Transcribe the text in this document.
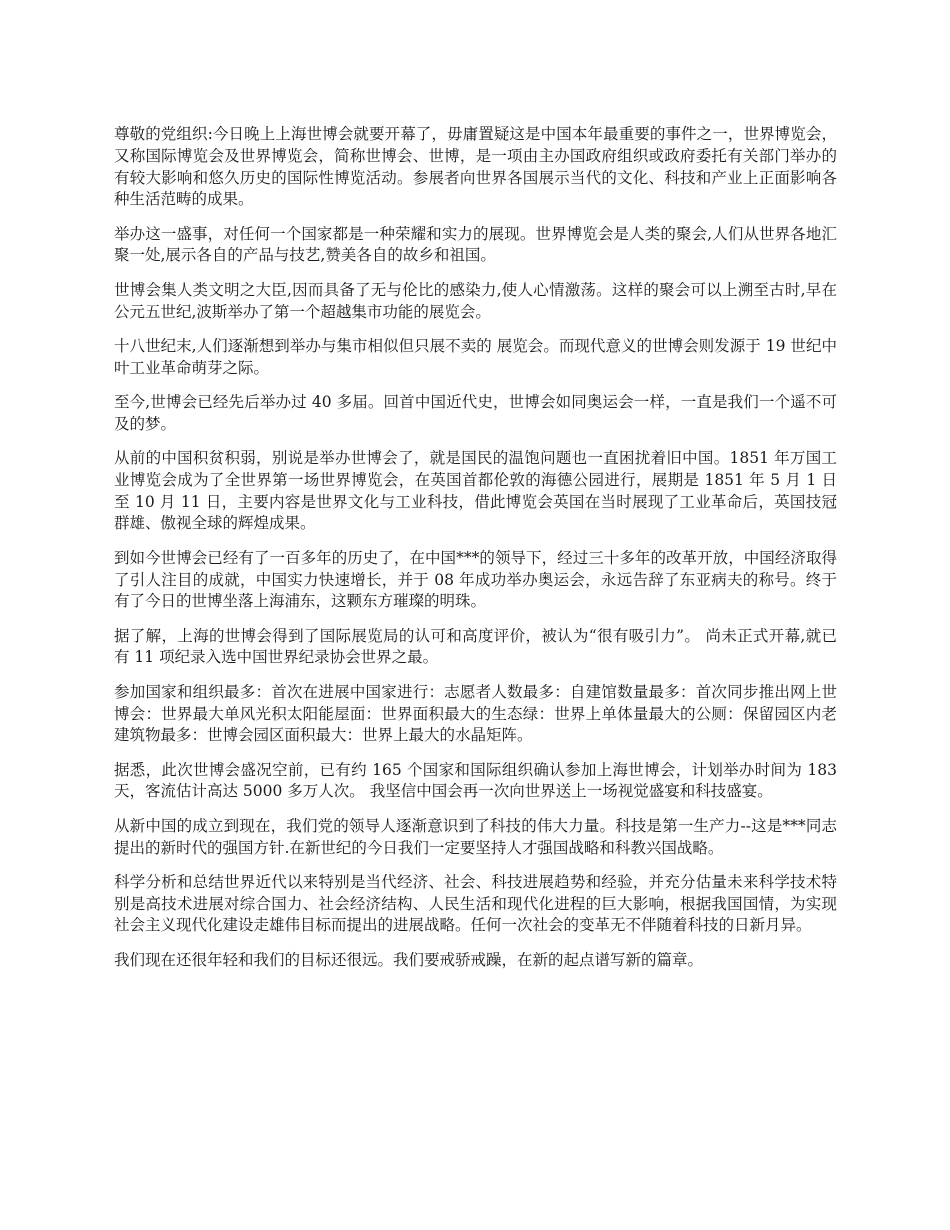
尊敬的党组织:今日晚上上海世博会就要开幕了，毋庸置疑这是中国本年最重要的事件之一，世界博览会，又称国际博览会及世界博览会，简称世博会、世博，是一项由主办国政府组织或政府委托有关部门举办的有较大影响和悠久历史的国际性博览活动。参展者向世界各国展示当代的文化、科技和产业上正面影响各种生活范畴的成果。

举办这一盛事，对任何一个国家都是一种荣耀和实力的展现。世界博览会是人类的聚会,人们从世界各地汇聚一处,展示各自的产品与技艺,赞美各自的故乡和祖国。

世博会集人类文明之大臣,因而具备了无与伦比的感染力,使人心情激荡。这样的聚会可以上溯至古时,早在公元五世纪,波斯举办了第一个超越集市功能的展览会。

十八世纪末,人们逐渐想到举办与集市相似但只展不卖的 展览会。而现代意义的世博会则发源于 19 世纪中叶工业革命萌芽之际。

至今,世博会已经先后举办过 40 多届。回首中国近代史，世博会如同奥运会一样，一直是我们一个遥不可及的梦。

从前的中国积贫积弱，别说是举办世博会了，就是国民的温饱问题也一直困扰着旧中国。1851 年万国工业博览会成为了全世界第一场世界博览会，在英国首都伦敦的海德公园进行，展期是 1851 年 5 月 1 日至 10 月 11 日，主要内容是世界文化与工业科技，借此博览会英国在当时展现了工业革命后，英国技冠群雄、傲视全球的辉煌成果。

到如今世博会已经有了一百多年的历史了，在中国***的领导下，经过三十多年的改革开放，中国经济取得了引人注目的成就，中国实力快速增长，并于 08 年成功举办奥运会，永远告辞了东亚病夫的称号。终于有了今日的世博坐落上海浦东，这颗东方璀璨的明珠。

据了解，上海的世博会得到了国际展览局的认可和高度评价，被认为“很有吸引力”。 尚未正式开幕,就已有 11 项纪录入选中国世界纪录协会世界之最。

参加国家和组织最多：首次在进展中国家进行：志愿者人数最多：自建馆数量最多：首次同步推出网上世博会：世界最大单风光积太阳能屋面：世界面积最大的生态绿：世界上单体量最大的公厕：保留园区内老建筑物最多：世博会园区面积最大：世界上最大的水晶矩阵。

据悉，此次世博会盛况空前，已有约 165 个国家和国际组织确认参加上海世博会，计划举办时间为 183 天，客流估计高达 5000 多万人次。 我坚信中国会再一次向世界送上一场视觉盛宴和科技盛宴。

从新中国的成立到现在，我们党的领导人逐渐意识到了科技的伟大力量。科技是第一生产力--这是***同志提出的新时代的强国方针.在新世纪的今日我们一定要坚持人才强国战略和科教兴国战略。

科学分析和总结世界近代以来特别是当代经济、社会、科技进展趋势和经验，并充分估量未来科学技术特别是高技术进展对综合国力、社会经济结构、人民生活和现代化进程的巨大影响，根据我国国情，为实现社会主义现代化建设走雄伟目标而提出的进展战略。任何一次社会的变革无不伴随着科技的日新月异。

我们现在还很年轻和我们的目标还很远。我们要戒骄戒躁，在新的起点谱写新的篇章。
